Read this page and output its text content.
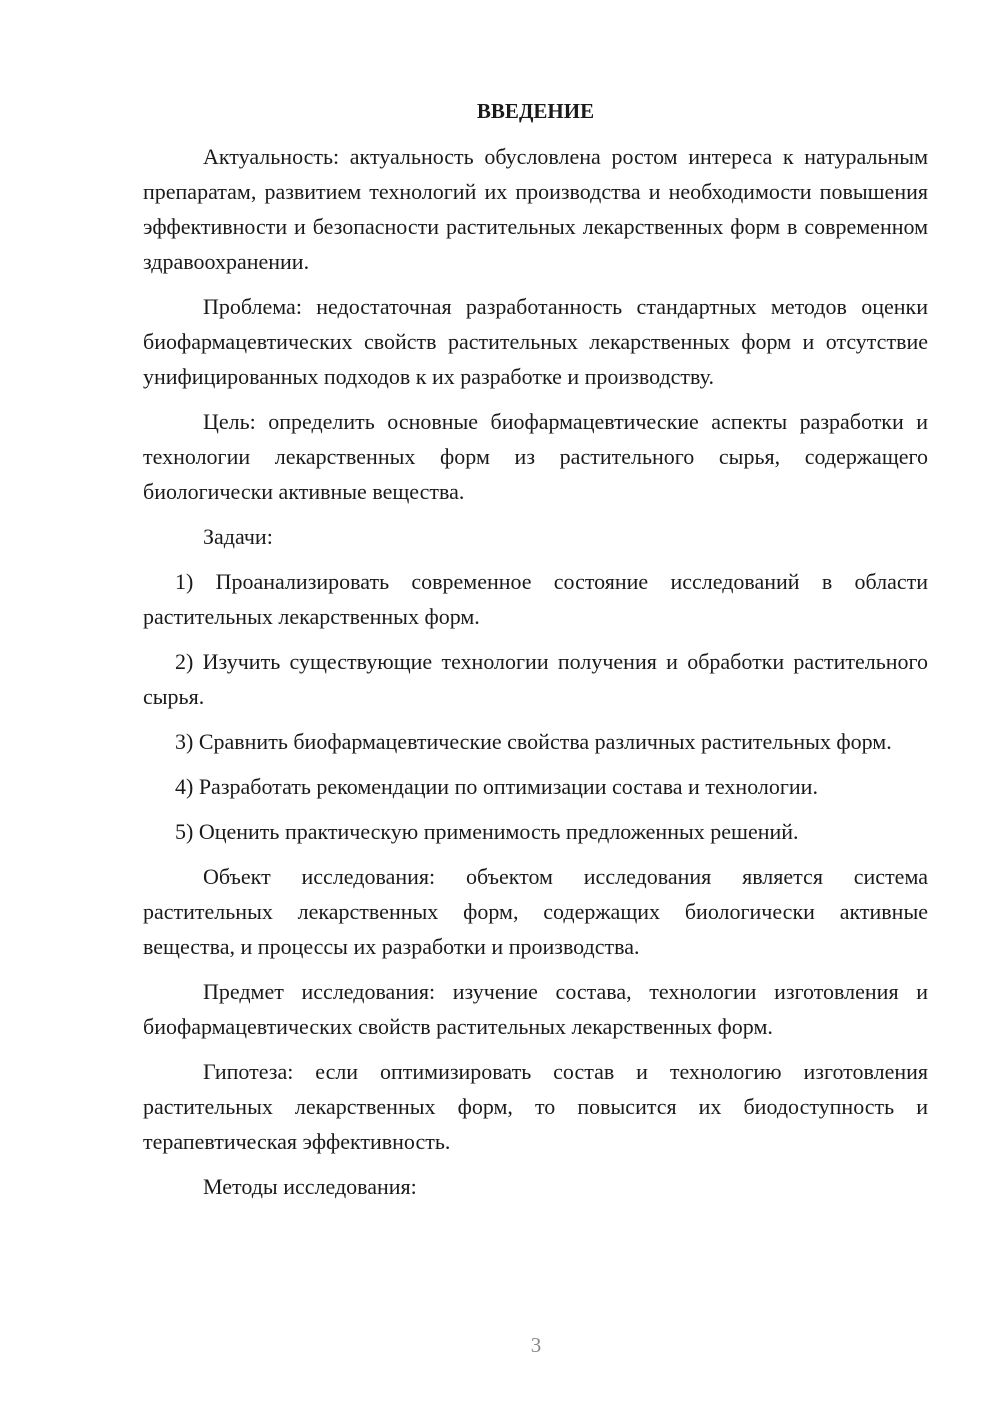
ВВЕДЕНИЕ

Актуальность: актуальность обусловлена ростом интереса к натуральным препаратам, развитием технологий их производства и необходимости повышения эффективности и безопасности растительных лекарственных форм в современном здравоохранении.

Проблема: недостаточная разработанность стандартных методов оценки биофармацевтических свойств растительных лекарственных форм и отсутствие унифицированных подходов к их разработке и производству.

Цель: определить основные биофармацевтические аспекты разработки и технологии лекарственных форм из растительного сырья, содержащего биологически активные вещества.

Задачи:

1) Проанализировать современное состояние исследований в области растительных лекарственных форм.

2) Изучить существующие технологии получения и обработки растительного сырья.

3) Сравнить биофармацевтические свойства различных растительных форм.

4) Разработать рекомендации по оптимизации состава и технологии.

5) Оценить практическую применимость предложенных решений.

Объект исследования: объектом исследования является система растительных лекарственных форм, содержащих биологически активные вещества, и процессы их разработки и производства.

Предмет исследования: изучение состава, технологии изготовления и биофармацевтических свойств растительных лекарственных форм.

Гипотеза: если оптимизировать состав и технологию изготовления растительных лекарственных форм, то повысится их биодоступность и терапевтическая эффективность.

Методы исследования:

3
